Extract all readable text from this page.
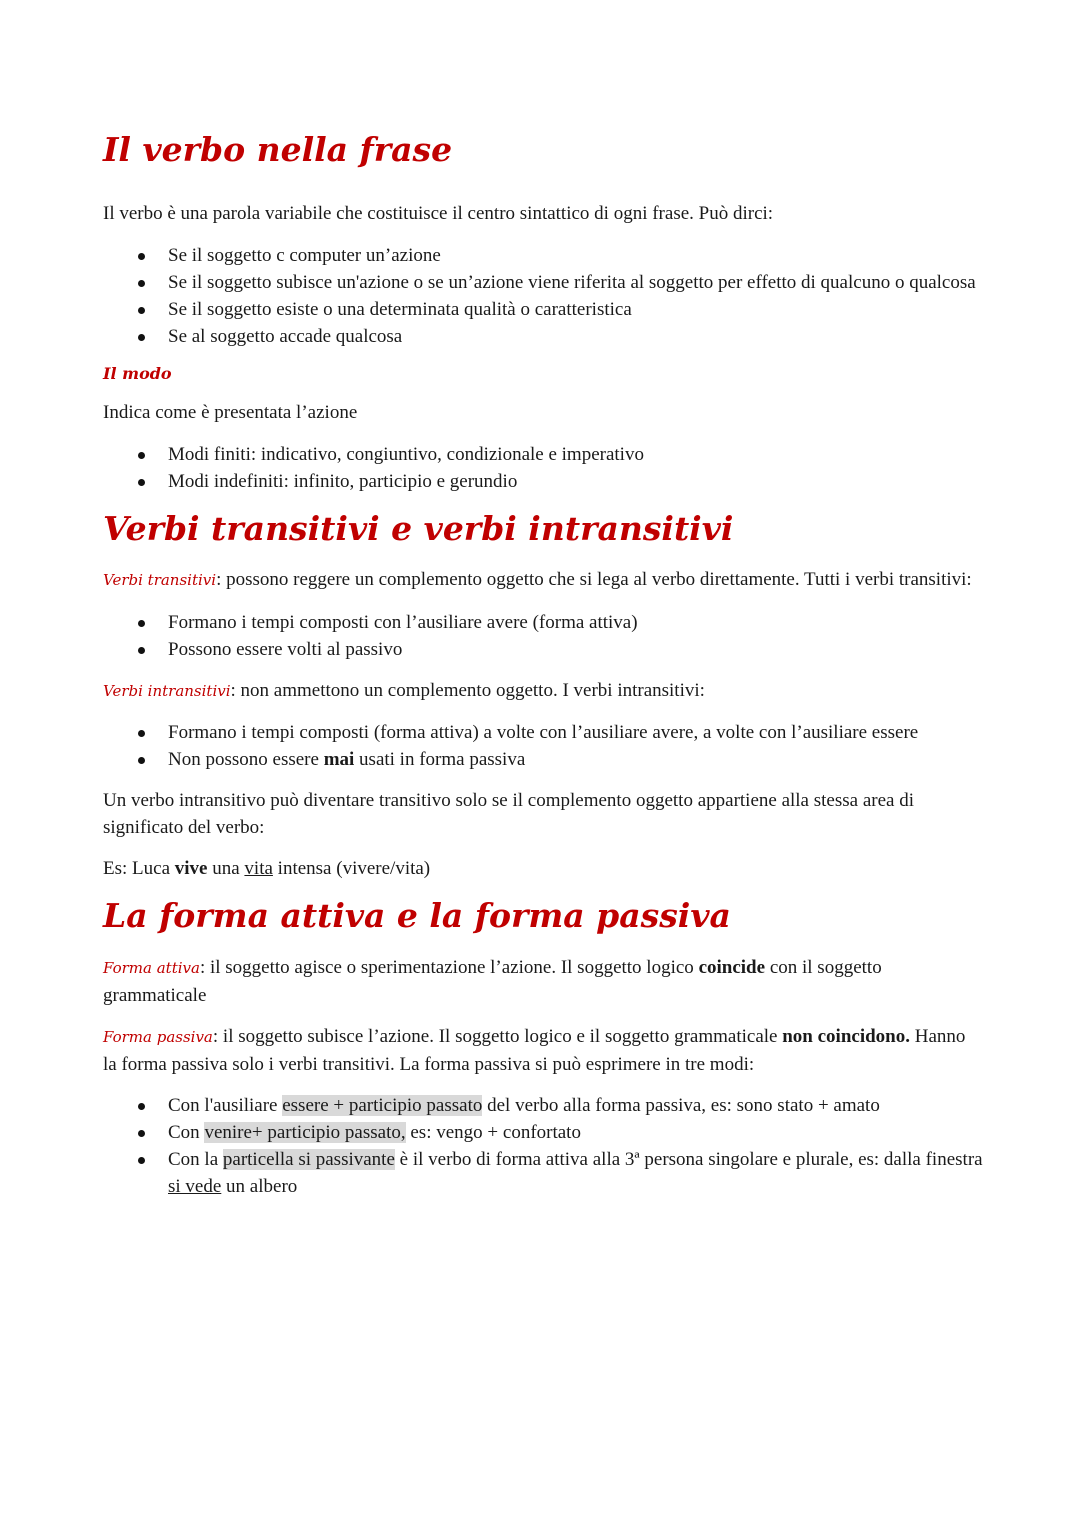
Il verbo nella frase

Il verbo è una parola variabile che costituisce il centro sintattico di ogni frase. Può dirci:

Se il soggetto c computer un’azione
Se il soggetto subisce un'azione o se un’azione viene riferita al soggetto per effetto di qualcuno o qualcosa
Se il soggetto esiste o una determinata qualità o caratteristica
Se al soggetto accade qualcosa
Il modo

Indica come è presentata l’azione

Modi finiti: indicativo, congiuntivo, condizionale e imperativo
Modi indefiniti: infinito, participio e gerundio
Verbi transitivi e verbi intransitivi

Verbi transitivi: possono reggere un complemento oggetto che si lega al verbo direttamente. Tutti i verbi transitivi:

Formano i tempi composti con l’ausiliare avere (forma attiva)
Possono essere volti al passivo

Verbi intransitivi: non ammettono un complemento oggetto. I verbi intransitivi:

Formano i tempi composti (forma attiva) a volte con l’ausiliare avere, a volte con l’ausiliare essere
Non possono essere mai usati in forma passiva

Un verbo intransitivo può diventare transitivo solo se il complemento oggetto appartiene alla stessa area di significato del verbo:

Es: Luca vive una vita intensa (vivere/vita)

La forma attiva e la forma passiva

Forma attiva: il soggetto agisce o sperimentazione l’azione. Il soggetto logico coincide con il soggetto grammaticale

Forma passiva: il soggetto subisce l’azione. Il soggetto logico e il soggetto grammaticale non coincidono. Hanno la forma passiva solo i verbi transitivi. La forma passiva si può esprimere in tre modi:

Con l'ausiliare essere + participio passato del verbo alla forma passiva, es: sono stato + amato
Con venire+ participio passato, es: vengo + confortato
Con la particella si passivante è il verbo di forma attiva alla 3ª persona singolare e plurale, es: dalla finestra si vede un albero
